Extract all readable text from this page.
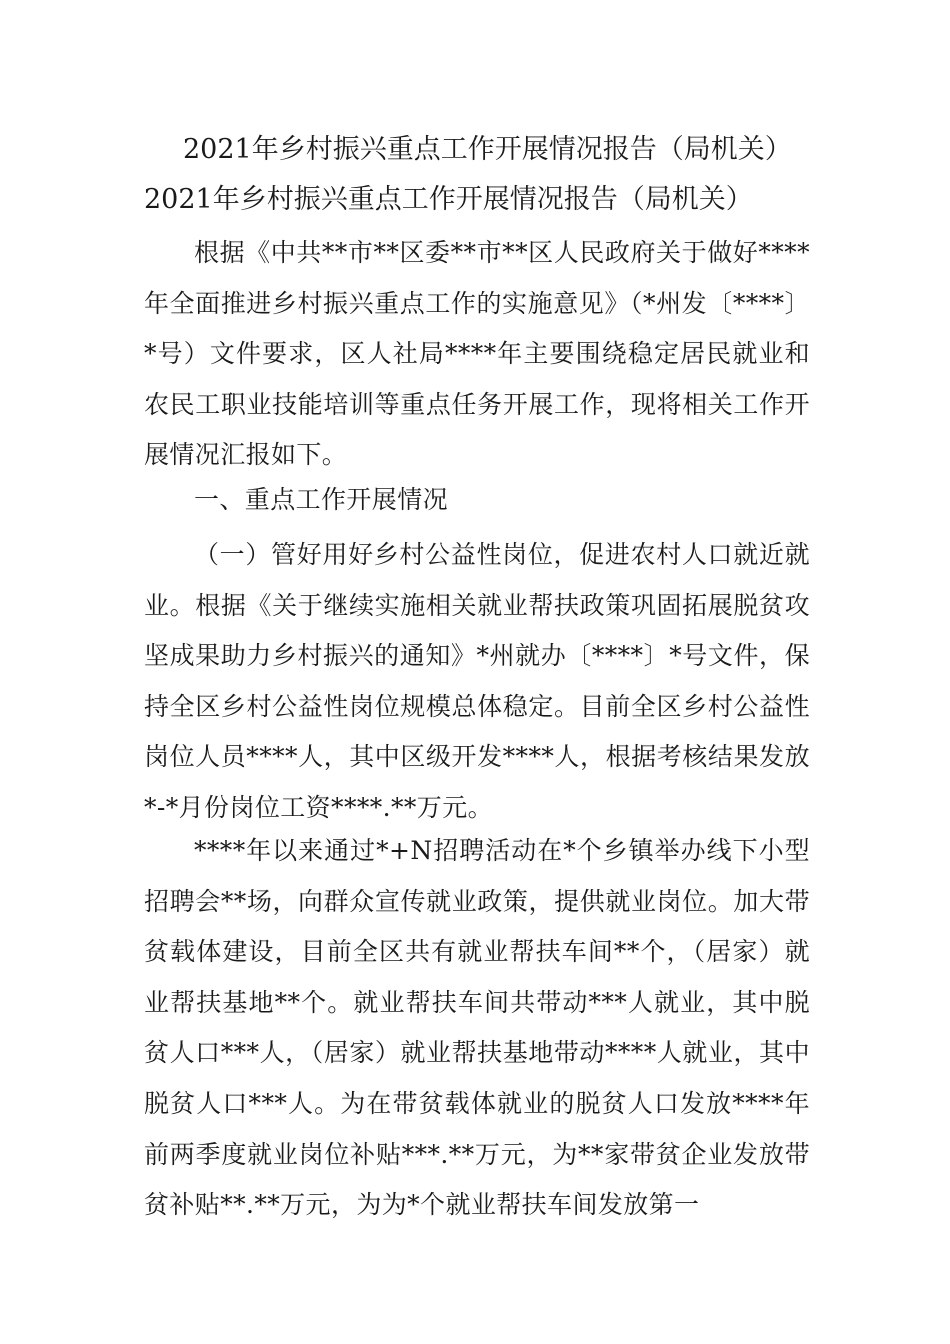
2021年乡村振兴重点工作开展情况报告（局机关）
2021年乡村振兴重点工作开展情况报告（局机关）

根据《中共**市**区委**市**区人民政府关于做好****年全面推进乡村振兴重点工作的实施意见》（*州发〔****〕*号）文件要求，区人社局****年主要围绕稳定居民就业和农民工职业技能培训等重点任务开展工作，现将相关工作开展情况汇报如下。

一、重点工作开展情况

（一）管好用好乡村公益性岗位，促进农村人口就近就业。根据《关于继续实施相关就业帮扶政策巩固拓展脱贫攻坚成果助力乡村振兴的通知》*州就办〔****〕*号文件，保持全区乡村公益性岗位规模总体稳定。目前全区乡村公益性岗位人员****人，其中区级开发****人，根据考核结果发放*-*月份岗位工资****.**万元。

****年以来通过*+N招聘活动在*个乡镇举办线下小型招聘会**场，向群众宣传就业政策，提供就业岗位。加大带贫载体建设，目前全区共有就业帮扶车间**个，（居家）就业帮扶基地**个。就业帮扶车间共带动***人就业，其中脱贫人口***人，（居家）就业帮扶基地带动****人就业，其中脱贫人口***人。为在带贫载体就业的脱贫人口发放****年前两季度就业岗位补贴***.**万元，为**家带贫企业发放带贫补贴**.**万元，为为*个就业帮扶车间发放第一
